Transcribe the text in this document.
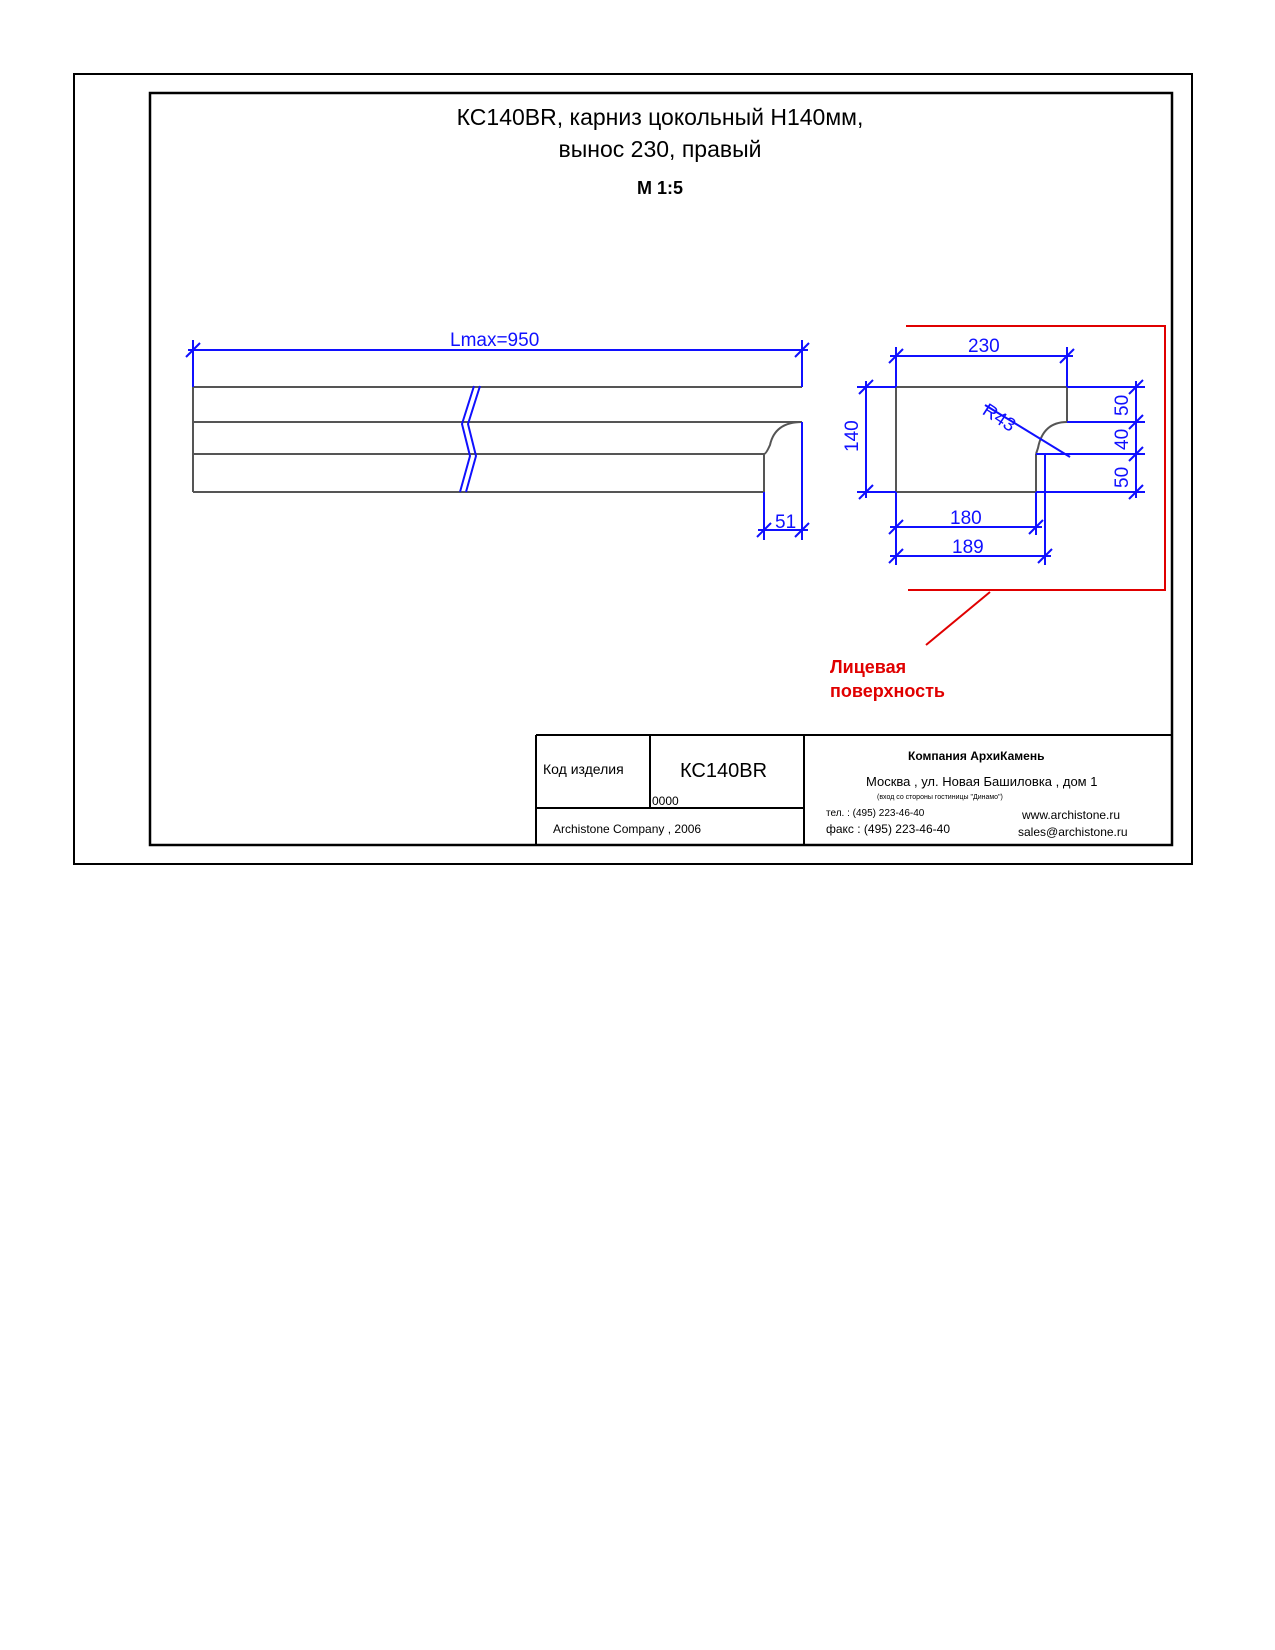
КС140BR, карниз цокольный Н140мм,
вынос 230, правый
М 1:5
Lmax=950
51
230
140	R43	50
40
50
180
189
Лицевая
поверхность
Код изделия	КС140BR
0000
Archistone Company , 2006
Компания АрхиКамень
Москва , ул. Новая Башиловка , дом 1
(вход со стороны гостиницы "Динамо")
тел. : (495) 223-46-40
факс : (495) 223-46-40
www.archistone.ru
sales@archistone.ru
